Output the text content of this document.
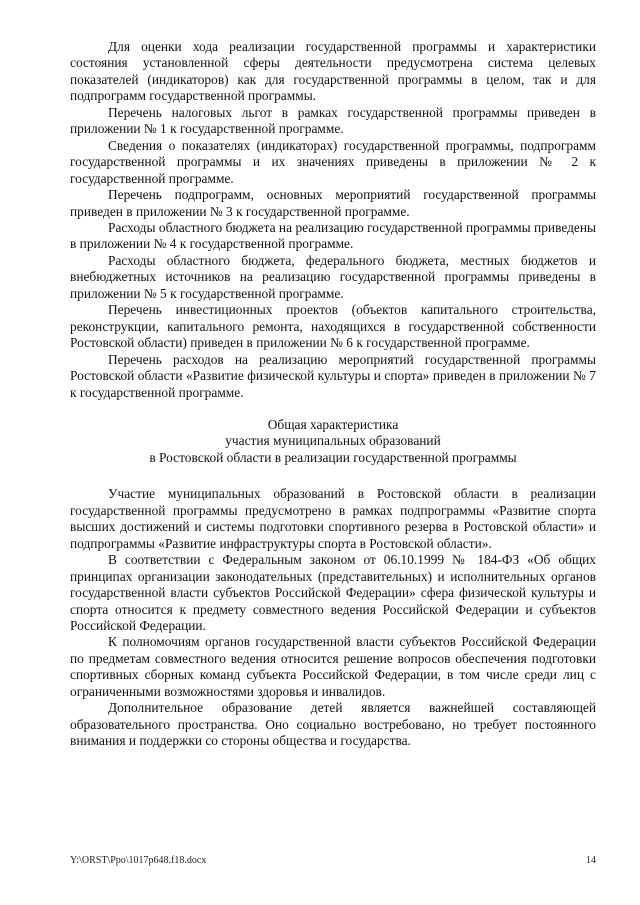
Для оценки хода реализации государственной программы и характеристики состояния установленной сферы деятельности предусмотрена система целевых показателей (индикаторов) как для государственной программы в целом, так и для подпрограмм государственной программы.

Перечень налоговых льгот в рамках государственной программы приведен в приложении № 1 к государственной программе.

Сведения о показателях (индикаторах) государственной программы, подпрограмм государственной программы и их значениях приведены в приложении № 2 к государственной программе.

Перечень подпрограмм, основных мероприятий государственной программы приведен в приложении № 3 к государственной программе.

Расходы областного бюджета на реализацию государственной программы приведены в приложении № 4 к государственной программе.

Расходы областного бюджета, федерального бюджета, местных бюджетов и внебюджетных источников на реализацию государственной программы приведены в приложении № 5 к государственной программе.

Перечень инвестиционных проектов (объектов капитального строительства, реконструкции, капитального ремонта, находящихся в государственной собственности Ростовской области) приведен в приложении № 6 к государственной программе.

Перечень расходов на реализацию мероприятий государственной программы Ростовской области «Развитие физической культуры и спорта» приведен в приложении № 7 к государственной программе.

Общая характеристика
участия муниципальных образований
в Ростовской области в реализации государственной программы

Участие муниципальных образований в Ростовской области в реализации государственной программы предусмотрено в рамках подпрограммы «Развитие спорта высших достижений и системы подготовки спортивного резерва в Ростовской области» и подпрограммы «Развитие инфраструктуры спорта в Ростовской области».

В соответствии с Федеральным законом от 06.10.1999 № 184-ФЗ «Об общих принципах организации законодательных (представительных) и исполнительных органов государственной власти субъектов Российской Федерации» сфера физической культуры и спорта относится к предмету совместного ведения Российской Федерации и субъектов Российской Федерации.

К полномочиям органов государственной власти субъектов Российской Федерации по предметам совместного ведения относится решение вопросов обеспечения подготовки спортивных сборных команд субъекта Российской Федерации, в том числе среди лиц с ограниченными возможностями здоровья и инвалидов.

Дополнительное образование детей является важнейшей составляющей образовательного пространства. Оно социально востребовано, но требует постоянного внимания и поддержки со стороны общества и государства.

Y:\ORST\Ppo\1017p648.f18.docx	14
